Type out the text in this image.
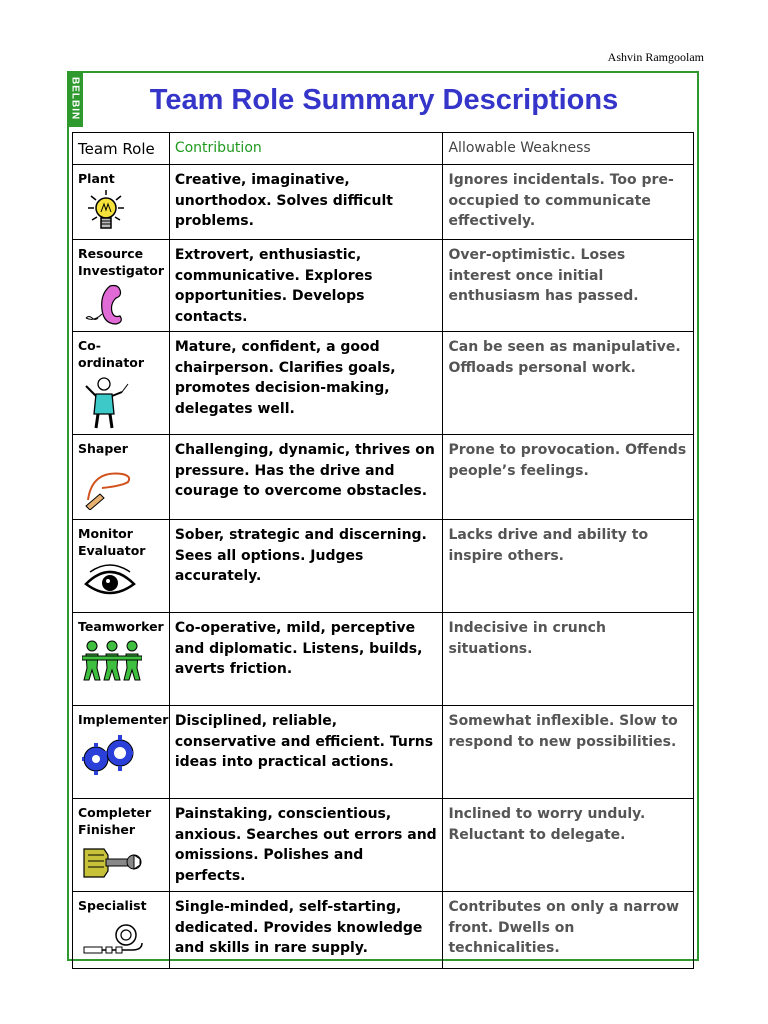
Ashvin Ramgoolam
BELBIN	Team Role Summary Descriptions
Team Role	Contribution	Allowable Weakness

Plant	Creative, imaginative, unorthodox. Solves difficult problems.	Ignores incidentals. Too pre-occupied to communicate effectively.

Resource Investigator	Extrovert, enthusiastic, communicative. Explores opportunities. Develops contacts.	Over-optimistic. Loses interest once initial enthusiasm has passed.

Co-ordinator	Mature, confident, a good chairperson. Clarifies goals, promotes decision-making, delegates well.	Can be seen as manipulative. Offloads personal work.

Shaper	Challenging, dynamic, thrives on pressure. Has the drive and courage to overcome obstacles.	Prone to provocation. Offends people’s feelings.

Monitor Evaluator	Sober, strategic and discerning. Sees all options. Judges accurately.	Lacks drive and ability to inspire others.

Teamworker	Co-operative, mild, perceptive and diplomatic. Listens, builds, averts friction.	Indecisive in crunch situations.

Implementer	Disciplined, reliable, conservative and efficient. Turns ideas into practical actions.	Somewhat inflexible. Slow to respond to new possibilities.

Completer Finisher	Painstaking, conscientious, anxious. Searches out errors and omissions. Polishes and perfects.	Inclined to worry unduly. Reluctant to delegate.

Specialist	Single-minded, self-starting, dedicated. Provides knowledge and skills in rare supply.	Contributes on only a narrow front. Dwells on technicalities.
